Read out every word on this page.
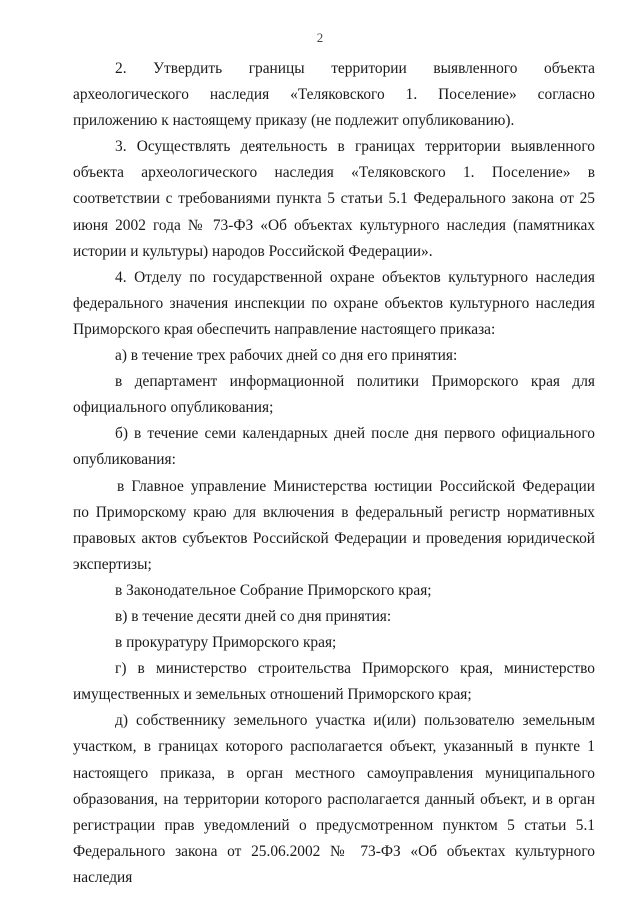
2

2. Утвердить границы территории выявленного объекта археологического наследия «Теляковского 1. Поселение» согласно приложению к настоящему приказу (не подлежит опубликованию).

3. Осуществлять деятельность в границах территории выявленного объекта археологического наследия «Теляковского 1. Поселение» в соответствии с требованиями пункта 5 статьи 5.1 Федерального закона от 25 июня 2002 года № 73-ФЗ «Об объектах культурного наследия (памятниках истории и культуры) народов Российской Федерации».

4. Отделу по государственной охране объектов культурного наследия федерального значения инспекции по охране объектов культурного наследия Приморского края обеспечить направление настоящего приказа:

а) в течение трех рабочих дней со дня его принятия:

в департамент информационной политики Приморского края для официального опубликования;

б) в течение семи календарных дней после дня первого официального опубликования:

в Главное управление Министерства юстиции Российской Федерации по Приморскому краю для включения в федеральный регистр нормативных правовых актов субъектов Российской Федерации и проведения юридической экспертизы;

в Законодательное Собрание Приморского края;

в) в течение десяти дней со дня принятия:

в прокуратуру Приморского края;

г) в министерство строительства Приморского края, министерство имущественных и земельных отношений Приморского края;

д) собственнику земельного участка и(или) пользователю земельным участком, в границах которого располагается объект, указанный в пункте 1 настоящего приказа, в орган местного самоуправления муниципального образования, на территории которого располагается данный объект, и в орган регистрации прав уведомлений о предусмотренном пунктом 5 статьи 5.1 Федерального закона от 25.06.2002 № 73-ФЗ «Об объектах культурного наследия
